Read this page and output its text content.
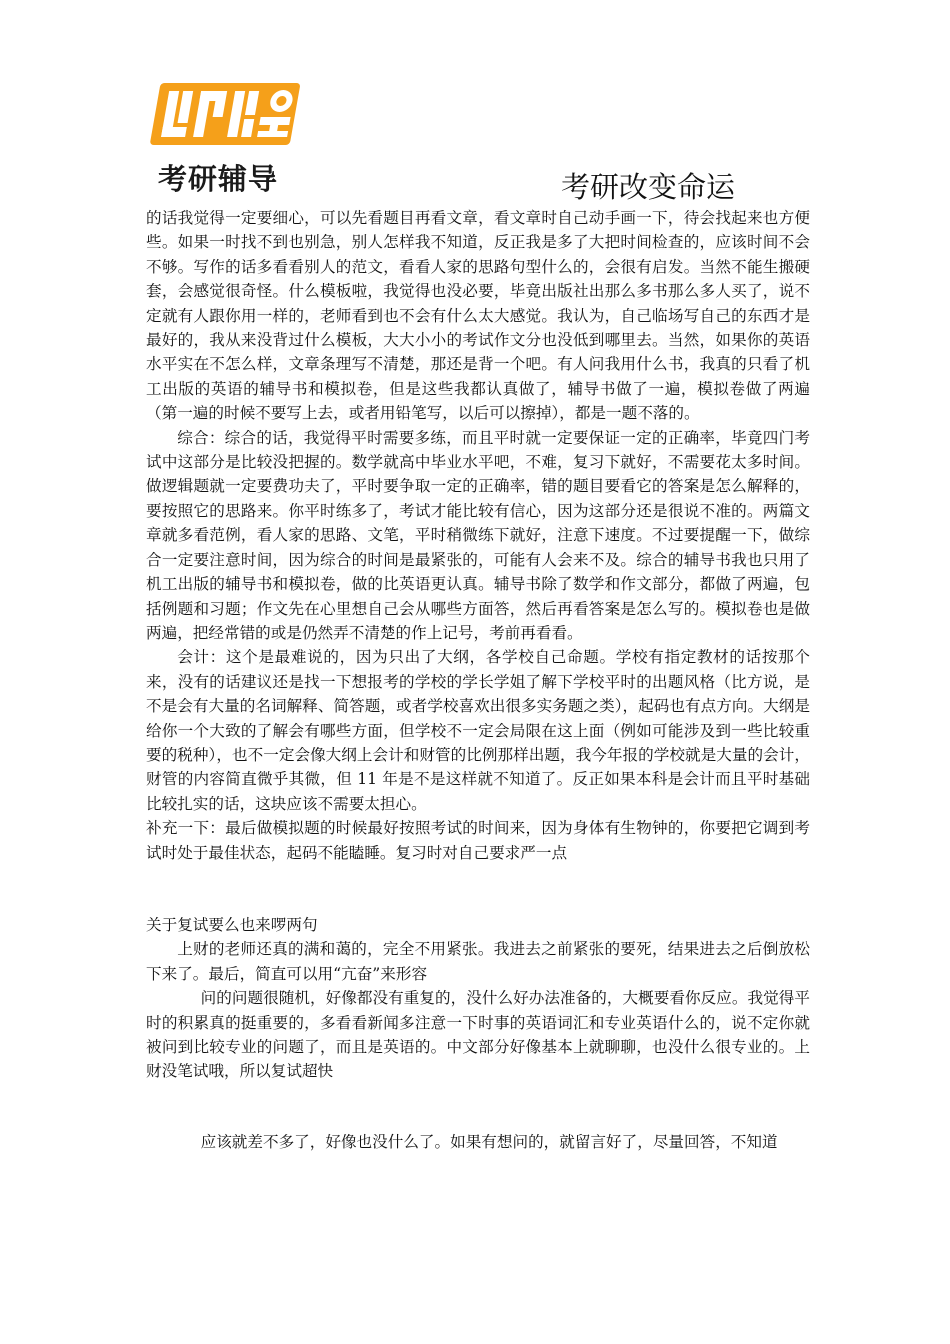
考研辅导	考研改变命运

的话我觉得一定要细心，可以先看题目再看文章，看文章时自己动手画一下，待会找起来也方便些。如果一时找不到也别急，别人怎样我不知道，反正我是多了大把时间检查的，应该时间不会不够。写作的话多看看别人的范文，看看人家的思路句型什么的，会很有启发。当然不能生搬硬套，会感觉很奇怪。什么模板啦，我觉得也没必要，毕竟出版社出那么多书那么多人买了，说不定就有人跟你用一样的，老师看到也不会有什么太大感觉。我认为，自己临场写自己的东西才是最好的，我从来没背过什么模板，大大小小的考试作文分也没低到哪里去。当然，如果你的英语水平实在不怎么样，文章条理写不清楚，那还是背一个吧。有人问我用什么书，我真的只看了机工出版的英语的辅导书和模拟卷，但是这些我都认真做了，辅导书做了一遍，模拟卷做了两遍（第一遍的时候不要写上去，或者用铅笔写，以后可以擦掉），都是一题不落的。

综合：综合的话，我觉得平时需要多练，而且平时就一定要保证一定的正确率，毕竟四门考试中这部分是比较没把握的。数学就高中毕业水平吧，不难，复习下就好，不需要花太多时间。做逻辑题就一定要费功夫了，平时要争取一定的正确率，错的题目要看它的答案是怎么解释的，要按照它的思路来。你平时练多了，考试才能比较有信心，因为这部分还是很说不准的。两篇文章就多看范例，看人家的思路、文笔，平时稍微练下就好，注意下速度。不过要提醒一下，做综合一定要注意时间，因为综合的时间是最紧张的，可能有人会来不及。综合的辅导书我也只用了机工出版的辅导书和模拟卷，做的比英语更认真。辅导书除了数学和作文部分，都做了两遍，包括例题和习题；作文先在心里想自己会从哪些方面答，然后再看答案是怎么写的。模拟卷也是做两遍，把经常错的或是仍然弄不清楚的作上记号，考前再看看。

会计：这个是最难说的，因为只出了大纲，各学校自己命题。学校有指定教材的话按那个来，没有的话建议还是找一下想报考的学校的学长学姐了解下学校平时的出题风格（比方说，是不是会有大量的名词解释、简答题，或者学校喜欢出很多实务题之类），起码也有点方向。大纲是给你一个大致的了解会有哪些方面，但学校不一定会局限在这上面（例如可能涉及到一些比较重要的税种），也不一定会像大纲上会计和财管的比例那样出题，我今年报的学校就是大量的会计，财管的内容简直微乎其微，但 11 年是不是这样就不知道了。反正如果本科是会计而且平时基础比较扎实的话，这块应该不需要太担心。

补充一下：最后做模拟题的时候最好按照考试的时间来，因为身体有生物钟的，你要把它调到考试时处于最佳状态，起码不能瞌睡。复习时对自己要求严一点

关于复试要么也来啰两句

上财的老师还真的满和蔼的，完全不用紧张。我进去之前紧张的要死，结果进去之后倒放松下来了。最后，简直可以用“亢奋”来形容

问的问题很随机，好像都没有重复的，没什么好办法准备的，大概要看你反应。我觉得平时的积累真的挺重要的，多看看新闻多注意一下时事的英语词汇和专业英语什么的，说不定你就被问到比较专业的问题了，而且是英语的。中文部分好像基本上就聊聊，也没什么很专业的。上财没笔试哦，所以复试超快

应该就差不多了，好像也没什么了。如果有想问的，就留言好了，尽量回答，不知道
